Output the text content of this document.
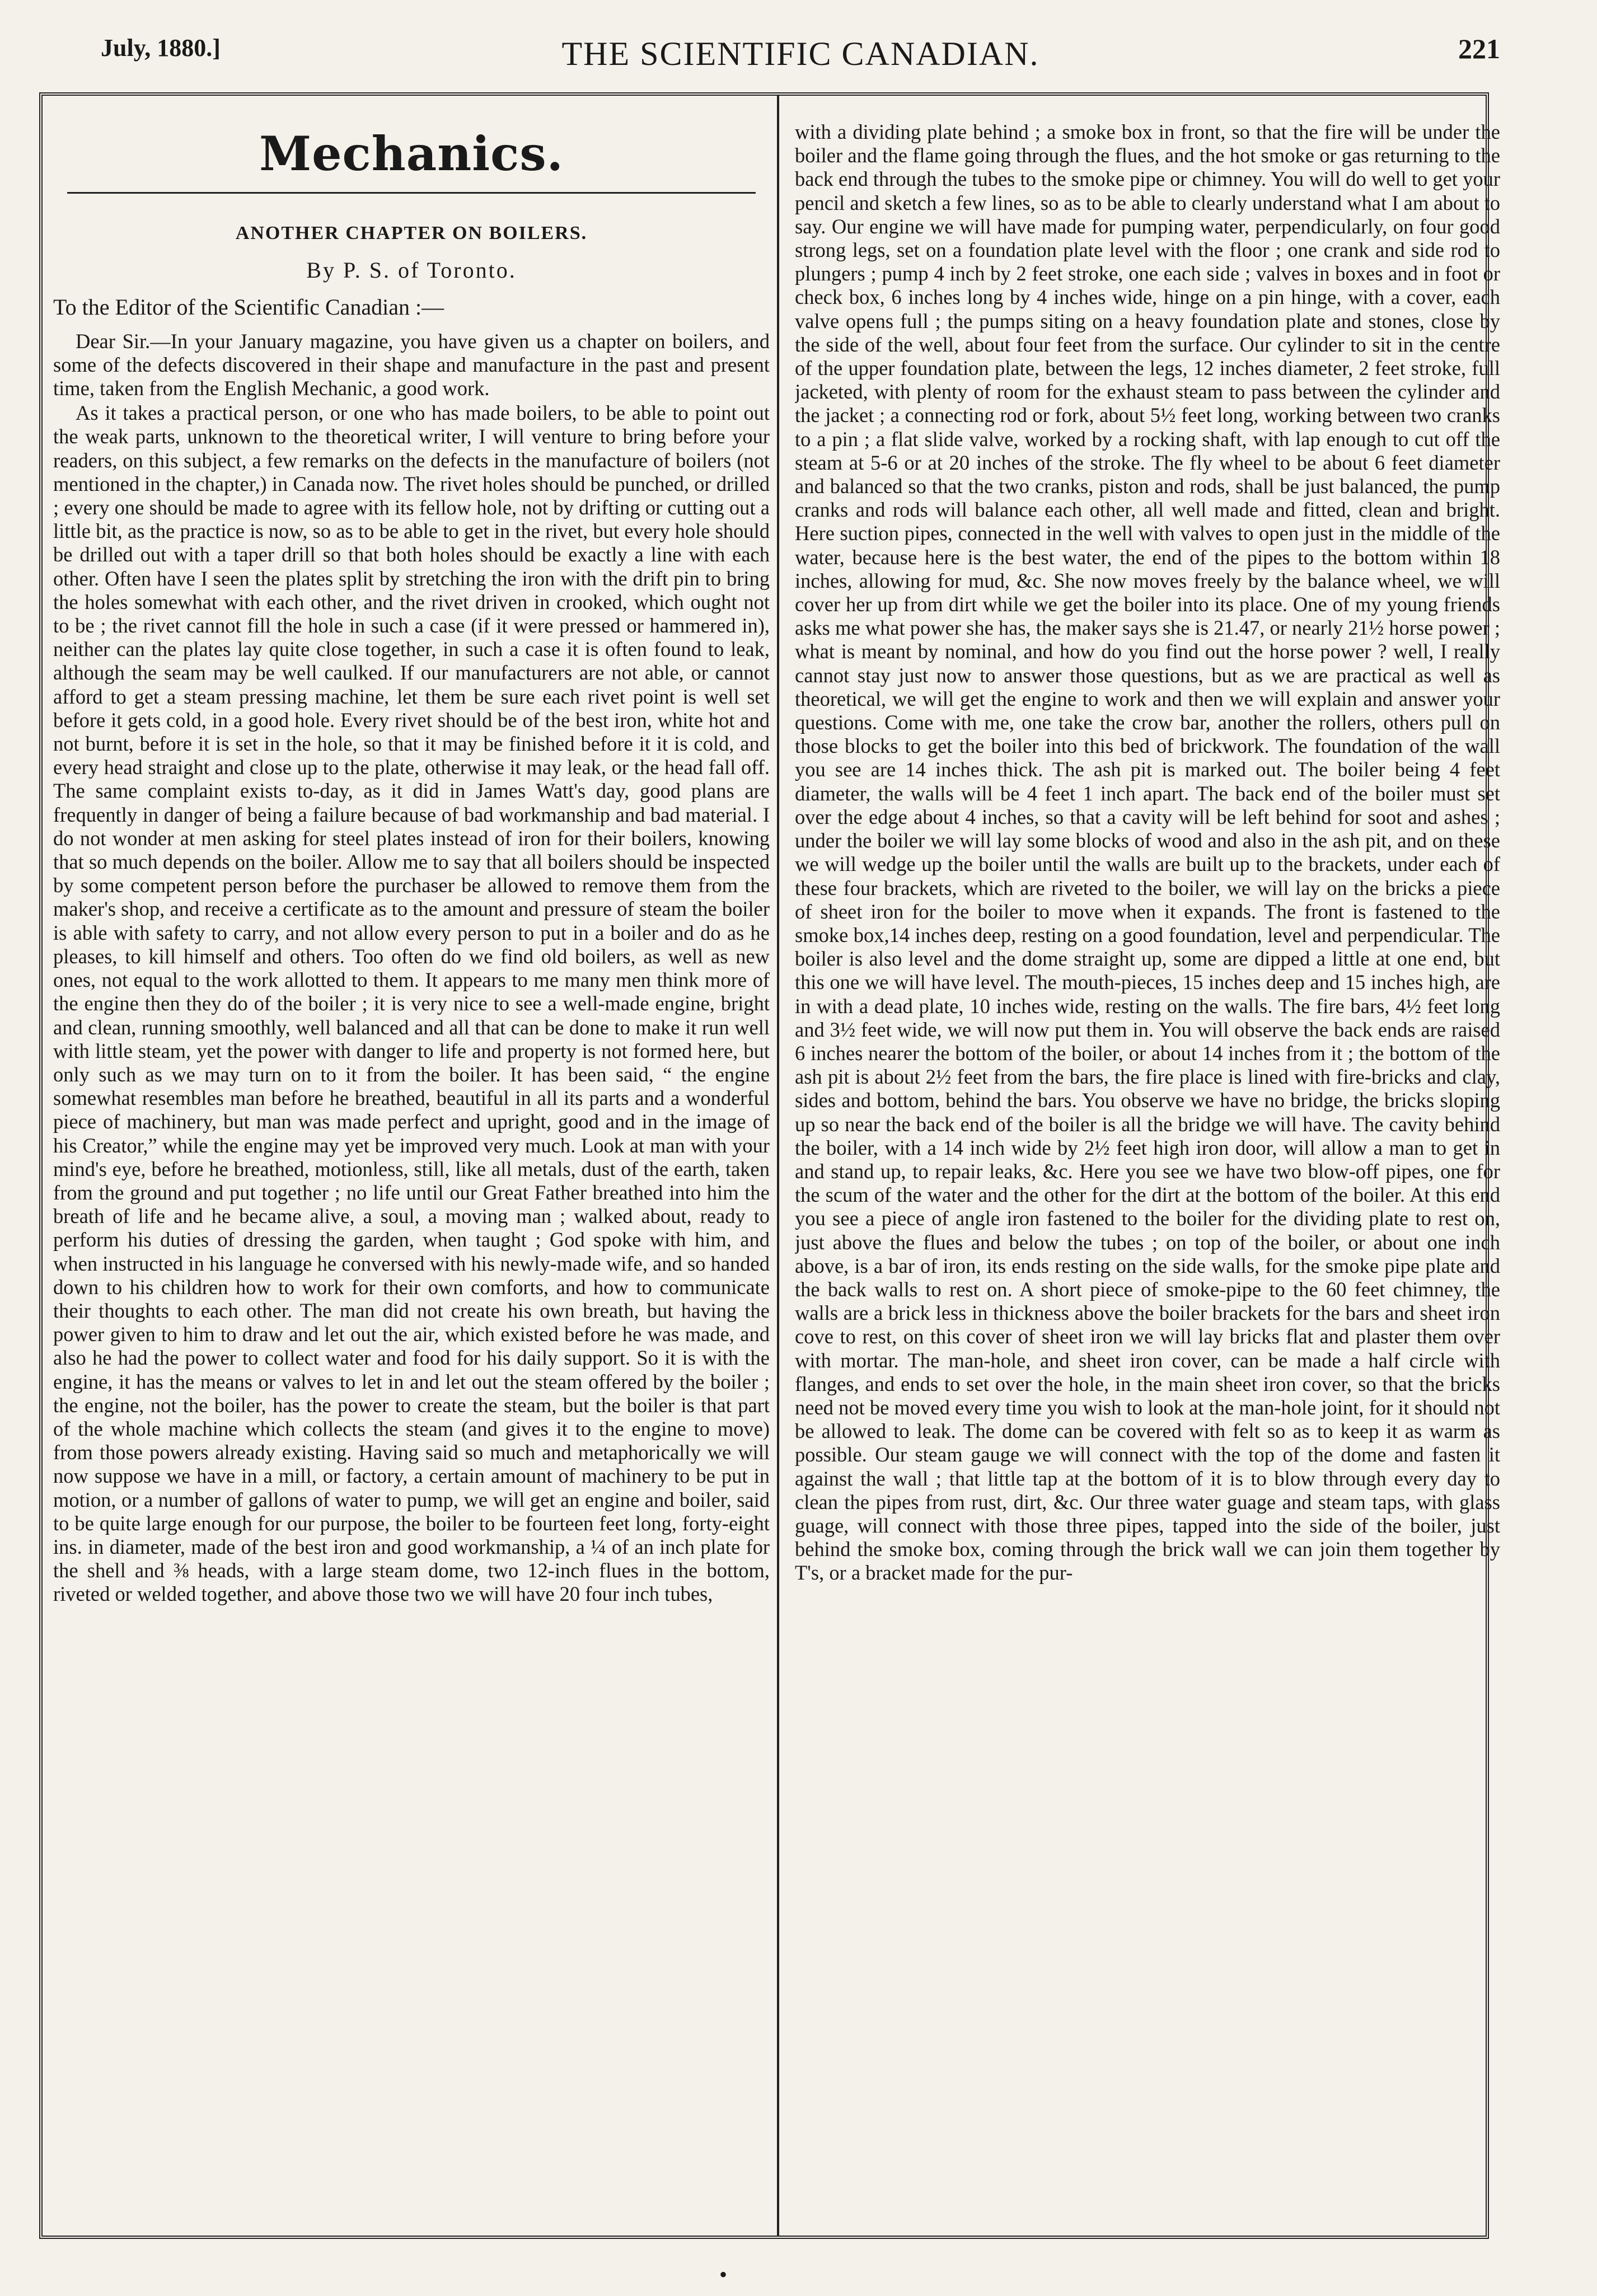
July, 1880.]	THE SCIENTIFIC CANADIAN.	221
Mechanics.
ANOTHER CHAPTER ON BOILERS.
By P. S. of Toronto.
To the Editor of the Scientific Canadian :—

Dear Sir.—In your January magazine, you have given us a chapter on boilers, and some of the defects discovered in their shape and manufacture in the past and present time, taken from the English Mechanic, a good work.

As it takes a practical person, or one who has made boilers, to be able to point out the weak parts, unknown to the theoretical writer, I will venture to bring before your readers, on this subject, a few remarks on the defects in the manufacture of boilers (not mentioned in the chapter,) in Canada now. The rivet holes should be punched, or drilled ; every one should be made to agree with its fellow hole, not by drifting or cutting out a little bit, as the practice is now, so as to be able to get in the rivet, but every hole should be drilled out with a taper drill so that both holes should be exactly a line with each other. Often have I seen the plates split by stretching the iron with the drift pin to bring the holes somewhat with each other, and the rivet driven in crooked, which ought not to be ; the rivet cannot fill the hole in such a case (if it were pressed or hammered in), neither can the plates lay quite close together, in such a case it is often found to leak, although the seam may be well caulked. If our manufacturers are not able, or cannot afford to get a steam pressing machine, let them be sure each rivet point is well set before it gets cold, in a good hole. Every rivet should be of the best iron, white hot and not burnt, before it is set in the hole, so that it may be finished before it it is cold, and every head straight and close up to the plate, otherwise it may leak, or the head fall off. The same complaint exists to-day, as it did in James Watt's day, good plans are frequently in danger of being a failure because of bad workmanship and bad material. I do not wonder at men asking for steel plates instead of iron for their boilers, knowing that so much depends on the boiler. Allow me to say that all boilers should be inspected by some competent person before the purchaser be allowed to remove them from the maker's shop, and receive a certificate as to the amount and pressure of steam the boiler is able with safety to carry, and not allow every person to put in a boiler and do as he pleases, to kill himself and others. Too often do we find old boilers, as well as new ones, not equal to the work allotted to them. It appears to me many men think more of the engine then they do of the boiler ; it is very nice to see a well-made engine, bright and clean, running smoothly, well balanced and all that can be done to make it run well with little steam, yet the power with danger to life and property is not formed here, but only such as we may turn on to it from the boiler. It has been said, “ the engine somewhat resembles man before he breathed, beautiful in all its parts and a wonderful piece of machinery, but man was made perfect and upright, good and in the image of his Creator,” while the engine may yet be improved very much. Look at man with your mind's eye, before he breathed, motionless, still, like all metals, dust of the earth, taken from the ground and put together ; no life until our Great Father breathed into him the breath of life and he became alive, a soul, a moving man ; walked about, ready to perform his duties of dressing the garden, when taught ; God spoke with him, and when instructed in his language he conversed with his newly-made wife, and so handed down to his children how to work for their own comforts, and how to communicate their thoughts to each other. The man did not create his own breath, but having the power given to him to draw and let out the air, which existed before he was made, and also he had the power to collect water and food for his daily support. So it is with the engine, it has the means or valves to let in and let out the steam offered by the boiler ; the engine, not the boiler, has the power to create the steam, but the boiler is that part of the whole machine which collects the steam (and gives it to the engine to move) from those powers already existing. Having said so much and metaphorically we will now suppose we have in a mill, or factory, a certain amount of machinery to be put in motion, or a number of gallons of water to pump, we will get an engine and boiler, said to be quite large enough for our purpose, the boiler to be fourteen feet long, forty-eight ins. in diameter, made of the best iron and good workmanship, a ¼ of an inch plate for the shell and ⅜ heads, with a large steam dome, two 12-inch flues in the bottom, riveted or welded together, and above those two we will have 20 four inch tubes,

with a dividing plate behind ; a smoke box in front, so that the fire will be under the boiler and the flame going through the flues, and the hot smoke or gas returning to the back end through the tubes to the smoke pipe or chimney. You will do well to get your pencil and sketch a few lines, so as to be able to clearly understand what I am about to say. Our engine we will have made for pumping water, perpendicularly, on four good strong legs, set on a foundation plate level with the floor ; one crank and side rod to plungers ; pump 4 inch by 2 feet stroke, one each side ; valves in boxes and in foot or check box, 6 inches long by 4 inches wide, hinge on a pin hinge, with a cover, each valve opens full ; the pumps siting on a heavy foundation plate and stones, close by the side of the well, about four feet from the surface. Our cylinder to sit in the centre of the upper foundation plate, between the legs, 12 inches diameter, 2 feet stroke, full jacketed, with plenty of room for the exhaust steam to pass between the cylinder and the jacket ; a connecting rod or fork, about 5½ feet long, working between two cranks to a pin ; a flat slide valve, worked by a rocking shaft, with lap enough to cut off the steam at 5-6 or at 20 inches of the stroke. The fly wheel to be about 6 feet diameter and balanced so that the two cranks, piston and rods, shall be just balanced, the pump cranks and rods will balance each other, all well made and fitted, clean and bright. Here suction pipes, connected in the well with valves to open just in the middle of the water, because here is the best water, the end of the pipes to the bottom within 18 inches, allowing for mud, &c. She now moves freely by the balance wheel, we will cover her up from dirt while we get the boiler into its place. One of my young friends asks me what power she has, the maker says she is 21.47, or nearly 21½ horse power ; what is meant by nominal, and how do you find out the horse power ? well, I really cannot stay just now to answer those questions, but as we are practical as well as theoretical, we will get the engine to work and then we will explain and answer your questions. Come with me, one take the crow bar, another the rollers, others pull on those blocks to get the boiler into this bed of brickwork. The foundation of the wall you see are 14 inches thick. The ash pit is marked out. The boiler being 4 feet diameter, the walls will be 4 feet 1 inch apart. The back end of the boiler must set over the edge about 4 inches, so that a cavity will be left behind for soot and ashes ; under the boiler we will lay some blocks of wood and also in the ash pit, and on these we will wedge up the boiler until the walls are built up to the brackets, under each of these four brackets, which are riveted to the boiler, we will lay on the bricks a piece of sheet iron for the boiler to move when it expands. The front is fastened to the smoke box,14 inches deep, resting on a good foundation, level and perpendicular. The boiler is also level and the dome straight up, some are dipped a little at one end, but this one we will have level. The mouth-pieces, 15 inches deep and 15 inches high, are in with a dead plate, 10 inches wide, resting on the walls. The fire bars, 4½ feet long and 3½ feet wide, we will now put them in. You will observe the back ends are raised 6 inches nearer the bottom of the boiler, or about 14 inches from it ; the bottom of the ash pit is about 2½ feet from the bars, the fire place is lined with fire-bricks and clay, sides and bottom, behind the bars. You observe we have no bridge, the bricks sloping up so near the back end of the boiler is all the bridge we will have. The cavity behind the boiler, with a 14 inch wide by 2½ feet high iron door, will allow a man to get in and stand up, to repair leaks, &c. Here you see we have two blow-off pipes, one for the scum of the water and the other for the dirt at the bottom of the boiler. At this end you see a piece of angle iron fastened to the boiler for the dividing plate to rest on, just above the flues and below the tubes ; on top of the boiler, or about one inch above, is a bar of iron, its ends resting on the side walls, for the smoke pipe plate and the back walls to rest on. A short piece of smoke-pipe to the 60 feet chimney, the walls are a brick less in thickness above the boiler brackets for the bars and sheet iron cove to rest, on this cover of sheet iron we will lay bricks flat and plaster them over with mortar. The man-hole, and sheet iron cover, can be made a half circle with flanges, and ends to set over the hole, in the main sheet iron cover, so that the bricks need not be moved every time you wish to look at the man-hole joint, for it should not be allowed to leak. The dome can be covered with felt so as to keep it as warm as possible. Our steam gauge we will connect with the top of the dome and fasten it against the wall ; that little tap at the bottom of it is to blow through every day to clean the pipes from rust, dirt, &c. Our three water guage and steam taps, with glass guage, will connect with those three pipes, tapped into the side of the boiler, just behind the smoke box, coming through the brick wall we can join them together by T's, or a bracket made for the pur-

•
